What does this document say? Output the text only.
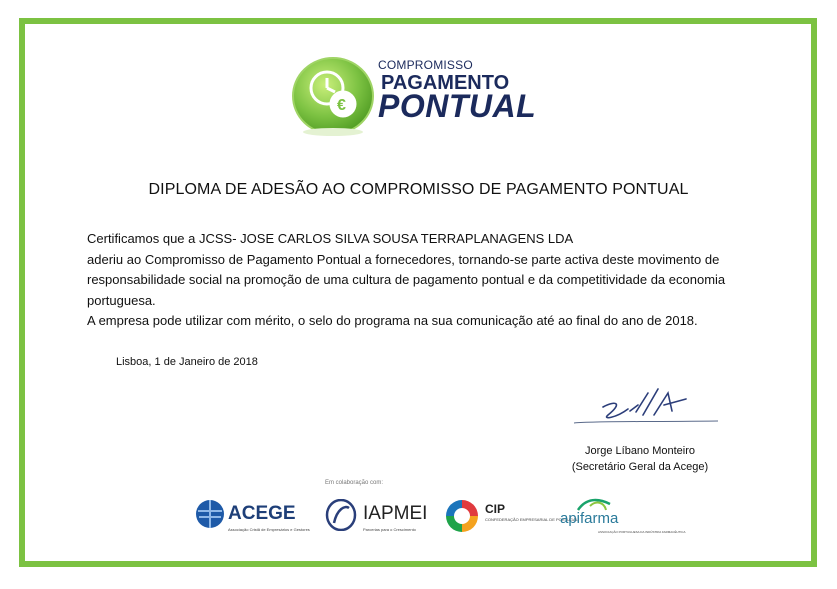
€
COMPROMISSO
PAGAMENTO
PONTUAL
DIPLOMA DE ADESÃO AO COMPROMISSO DE PAGAMENTO PONTUAL

Certificamos que a JCSS- JOSE CARLOS SILVA SOUSA TERRAPLANAGENS LDA

aderiu ao Compromisso de Pagamento Pontual a fornecedores, tornando-se parte activa deste movimento de

responsabilidade social na promoção de uma cultura de pagamento pontual e da competitividade da economia

portuguesa.

A empresa pode utilizar com mérito, o selo do programa na sua comunicação até ao final do ano de 2018.

Lisboa, 1 de Janeiro de 2018
Jorge Líbano Monteiro
(Secretário Geral da Acege)
Em colaboração com:
ACEGE
Associação Cristã de Empresários e Gestores
IAPMEI
Parcerias para o Crescimento
CIP
CONFEDERAÇÃO EMPRESARIAL DE PORTUGAL
apifarma
ASSOCIAÇÃO PORTUGUESA DA INDÚSTRIA FARMACÊUTICA
